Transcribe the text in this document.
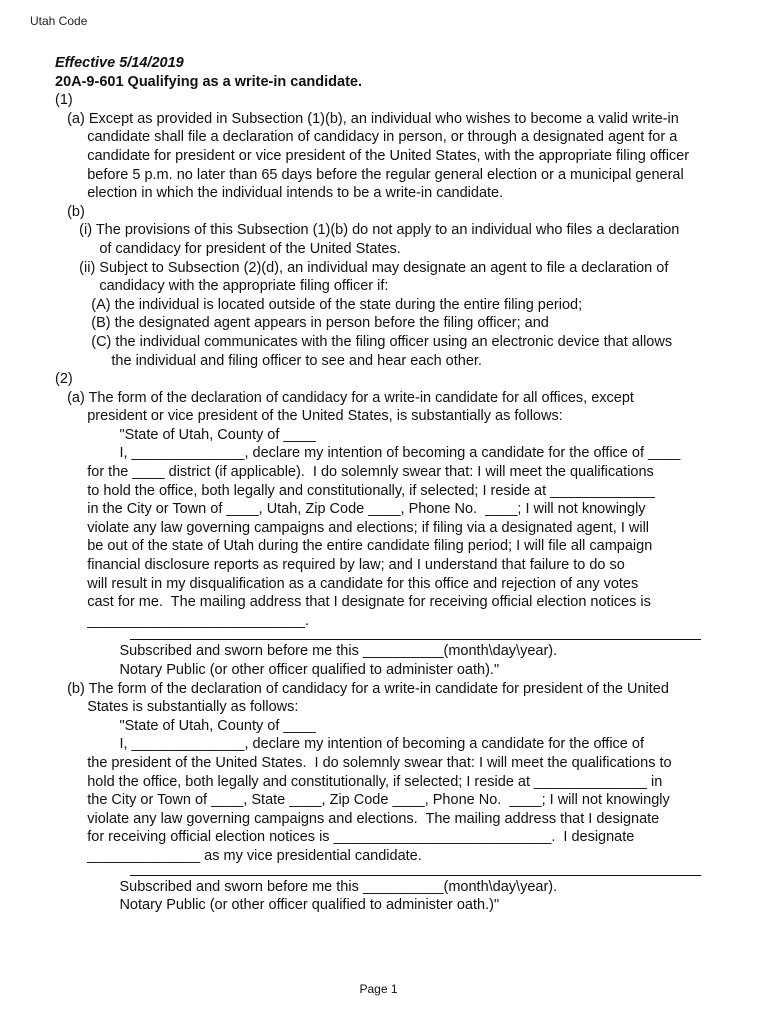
Utah Code
Effective 5/14/2019
20A-9-601 Qualifying as a write-in candidate.
(1)
(a) Except as provided in Subsection (1)(b), an individual who wishes to become a valid write-in
candidate shall file a declaration of candidacy in person, or through a designated agent for a
candidate for president or vice president of the United States, with the appropriate filing officer
before 5 p.m. no later than 65 days before the regular general election or a municipal general
election in which the individual intends to be a write-in candidate.
(b)
(i) The provisions of this Subsection (1)(b) do not apply to an individual who files a declaration
of candidacy for president of the United States.
(ii) Subject to Subsection (2)(d), an individual may designate an agent to file a declaration of
candidacy with the appropriate filing officer if:
(A) the individual is located outside of the state during the entire filing period;
(B) the designated agent appears in person before the filing officer; and
(C) the individual communicates with the filing officer using an electronic device that allows
the individual and filing officer to see and hear each other.
(2)
(a) The form of the declaration of candidacy for a write-in candidate for all offices, except
president or vice president of the United States, is substantially as follows:
"State of Utah, County of ____
I, ______________, declare my intention of becoming a candidate for the office of ____
for the ____ district (if applicable).  I do solemnly swear that: I will meet the qualifications
to hold the office, both legally and constitutionally, if selected; I reside at _____________
in the City or Town of ____, Utah, Zip Code ____, Phone No.  ____; I will not knowingly
violate any law governing campaigns and elections; if filing via a designated agent, I will
be out of the state of Utah during the entire candidate filing period; I will file all campaign
financial disclosure reports as required by law; and I understand that failure to do so
will result in my disqualification as a candidate for this office and rejection of any votes
cast for me.  The mailing address that I designate for receiving official election notices is
___________________________.
Subscribed and sworn before me this __________(month\day\year).
Notary Public (or other officer qualified to administer oath)."
(b) The form of the declaration of candidacy for a write-in candidate for president of the United
States is substantially as follows:
"State of Utah, County of ____
I, ______________, declare my intention of becoming a candidate for the office of
the president of the United States.  I do solemnly swear that: I will meet the qualifications to
hold the office, both legally and constitutionally, if selected; I reside at ______________ in
the City or Town of ____, State ____, Zip Code ____, Phone No.  ____; I will not knowingly
violate any law governing campaigns and elections.  The mailing address that I designate
for receiving official election notices is ___________________________.  I designate
______________ as my vice presidential candidate.
Subscribed and sworn before me this __________(month\day\year).
Notary Public (or other officer qualified to administer oath.)"
Page 1
